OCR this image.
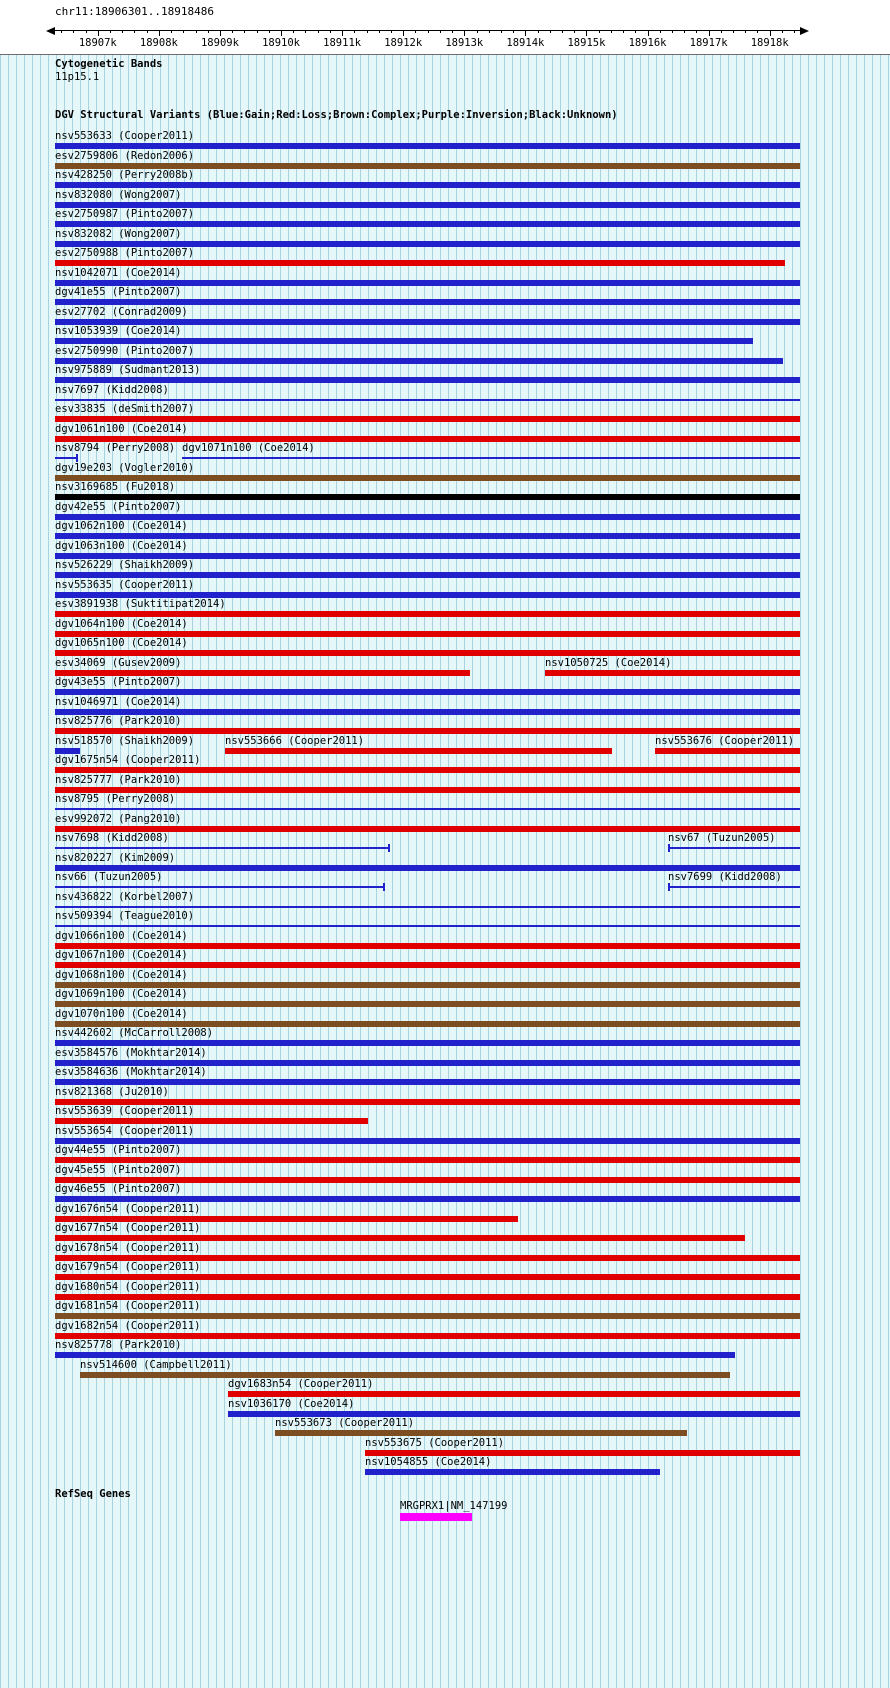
chr11:18906301..18918486
18907k 18908k 18909k 18910k 18911k 18912k 18913k 18914k 18915k 18916k 18917k 18918k
Cytogenetic Bands
11p15.1
DGV Structural Variants (Blue:Gain;Red:Loss;Brown:Complex;Purple:Inversion;Black:Unknown)
nsv553633 (Cooper2011)
esv2759806 (Redon2006)
nsv428250 (Perry2008b)
nsv832080 (Wong2007)
esv2750987 (Pinto2007)
nsv832082 (Wong2007)
esv2750988 (Pinto2007)
nsv1042071 (Coe2014)
dgv41e55 (Pinto2007)
esv27702 (Conrad2009)
nsv1053939 (Coe2014)
esv2750990 (Pinto2007)
nsv975889 (Sudmant2013)
nsv7697 (Kidd2008)
esv33835 (deSmith2007)
dgv1061n100 (Coe2014)
nsv8794 (Perry2008) dgv1071n100 (Coe2014)
dgv19e203 (Vogler2010)
nsv3169685 (Fu2018)
dgv42e55 (Pinto2007)
dgv1062n100 (Coe2014)
dgv1063n100 (Coe2014)
nsv526229 (Shaikh2009)
nsv553635 (Cooper2011)
esv3891938 (Suktitipat2014)
dgv1064n100 (Coe2014)
dgv1065n100 (Coe2014)
esv34069 (Gusev2009)	nsv1050725 (Coe2014)
dgv43e55 (Pinto2007)
nsv1046971 (Coe2014)
nsv825776 (Park2010)
nsv518570 (Shaikh2009)	nsv553666 (Cooper2011)	nsv553676 (Cooper2011)
dgv1675n54 (Cooper2011)
nsv825777 (Park2010)
nsv8795 (Perry2008)
esv992072 (Pang2010)
nsv7698 (Kidd2008)	nsv67 (Tuzun2005)
nsv820227 (Kim2009)
nsv66 (Tuzun2005)	nsv7699 (Kidd2008)
nsv436822 (Korbel2007)
nsv509394 (Teague2010)
dgv1066n100 (Coe2014)
dgv1067n100 (Coe2014)
dgv1068n100 (Coe2014)
dgv1069n100 (Coe2014)
dgv1070n100 (Coe2014)
nsv442602 (McCarroll2008)
esv3584576 (Mokhtar2014)
esv3584636 (Mokhtar2014)
nsv821368 (Ju2010)
nsv553639 (Cooper2011)
nsv553654 (Cooper2011)
dgv44e55 (Pinto2007)
dgv45e55 (Pinto2007)
dgv46e55 (Pinto2007)
dgv1676n54 (Cooper2011)
dgv1677n54 (Cooper2011)
dgv1678n54 (Cooper2011)
dgv1679n54 (Cooper2011)
dgv1680n54 (Cooper2011)
dgv1681n54 (Cooper2011)
dgv1682n54 (Cooper2011)
nsv825778 (Park2010)
nsv514600 (Campbell2011)
dgv1683n54 (Cooper2011)
nsv1036170 (Coe2014)
nsv553673 (Cooper2011)
nsv553675 (Cooper2011)
nsv1054855 (Coe2014)
RefSeq Genes
MRGPRX1|NM_147199
